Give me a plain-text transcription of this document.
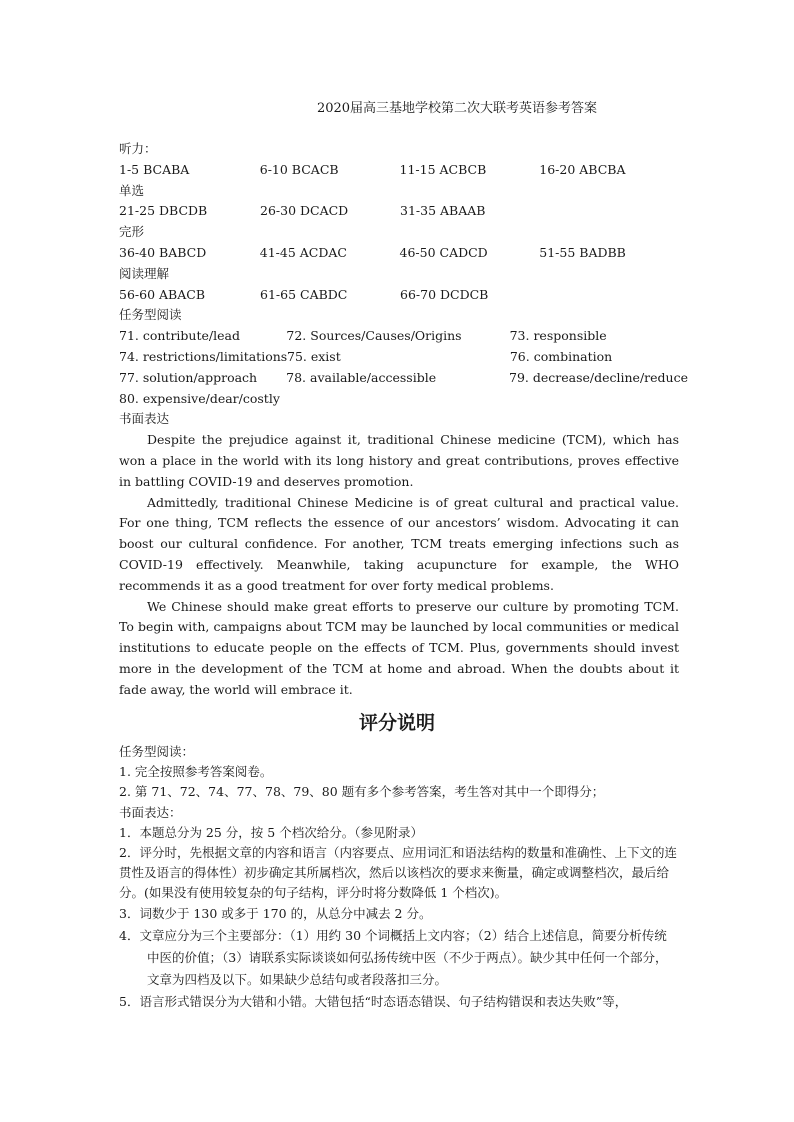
2020届高三基地学校第二次大联考英语参考答案
听力：
1-5 BCABA	6-10 BCACB	11-15 ACBCB	16-20 ABCBA
单选
21-25 DBCDB	26-30 DCACD	31-35 ABAAB
完形
36-40 BABCD	41-45 ACDAC	46-50 CADCD	51-55 BADBB
阅读理解
56-60 ABACB	61-65 CABDC	66-70 DCDCB
任务型阅读
71. contribute/lead	72. Sources/Causes/Origins	73. responsible
74. restrictions/limitations 75. exist	76. combination
77. solution/approach	78. available/accessible	79. decrease/decline/reduce
80. expensive/dear/costly
书面表达

Despite the prejudice against it, traditional Chinese medicine (TCM), which has won a place in the world with its long history and great contributions, proves effective in battling COVID-19 and deserves promotion.

Admittedly, traditional Chinese Medicine is of great cultural and practical value. For one thing, TCM reflects the essence of our ancestors’ wisdom. Advocating it can boost our cultural confidence. For another, TCM treats emerging infections such as COVID-19 effectively. Meanwhile, taking acupuncture for example, the WHO recommends it as a good treatment for over forty medical problems.

We Chinese should make great efforts to preserve our culture by promoting TCM. To begin with, campaigns about TCM may be launched by local communities or medical institutions to educate people on the effects of TCM. Plus, governments should invest more in the development of the TCM at home and abroad. When the doubts about it fade away, the world will embrace it.

评分说明
任务型阅读：
1. 完全按照参考答案阅卷。
2. 第 71、72、74、77、78、79、80 题有多个参考答案，考生答对其中一个即得分；
书面表达：
1．本题总分为 25 分，按 5 个档次给分。（参见附录）
2．评分时，先根据文章的内容和语言（内容要点、应用词汇和语法结构的数量和准确性、上下文的连贯性及语言的得体性）初步确定其所属档次，然后以该档次的要求来衡量，确定或调整档次，最后给分。(如果没有使用较复杂的句子结构，评分时将分数降低 1 个档次)。
3．词数少于 130 或多于 170 的，从总分中减去 2 分。
4．文章应分为三个主要部分：（1）用约 30 个词概括上文内容；（2）结合上述信息，简要分析传统中医的价值；（3）请联系实际谈谈如何弘扬传统中医（不少于两点）。缺少其中任何一个部分，文章为四档及以下。如果缺少总结句或者段落扣三分。
5．语言形式错误分为大错和小错。大错包括“时态语态错误、句子结构错误和表达失败”等，
